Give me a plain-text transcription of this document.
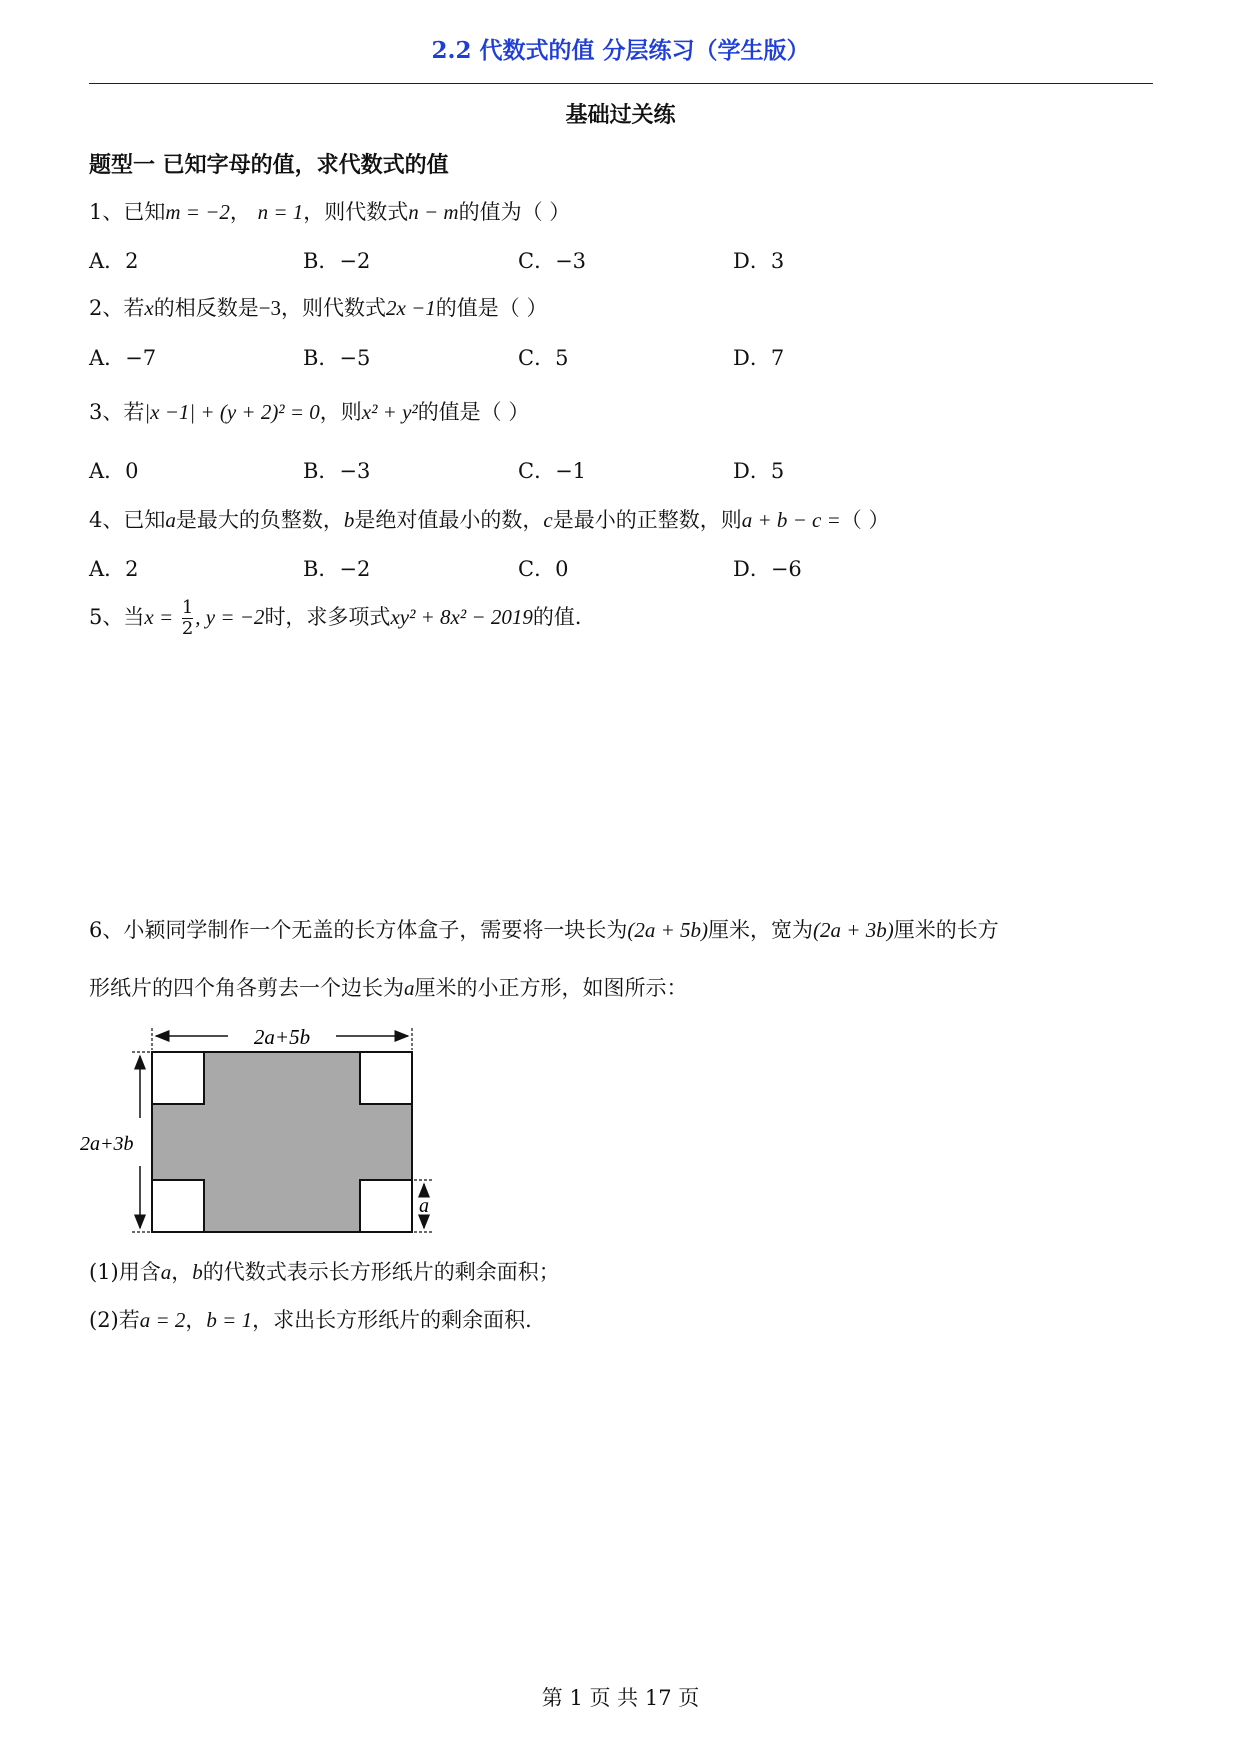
2.2 代数式的值 分层练习（学生版）
基础过关练
题型一 已知字母的值，求代数式的值
1、已知m = −2， n = 1，则代数式n − m的值为（ ）
A．2	B．−2	C．−3	D．3
2、若x的相反数是−3，则代数式2x −1的值是（ ）
A．−7	B．−5	C．5	D．7
3、若|x −1| + (y + 2)² = 0，则x² + y²的值是（ ）
A．0	B．−3	C．−1	D．5
4、已知a是最大的负整数，b是绝对值最小的数，c是最小的正整数，则a + b − c =（ ）
A．2	B．−2	C．0	D．−6
5、当$x = \frac{1}{2}$ , y = −2时，求多项式xy² + 8x² − 2019的值．
6、小颖同学制作一个无盖的长方体盒子，需要将一块长为(2a + 5b)厘米，宽为(2a + 3b)厘米的长方
形纸片的四个角各剪去一个边长为a厘米的小正方形，如图所示：
2a+5b
2a+3b
a
(1)用含a，b的代数式表示长方形纸片的剩余面积；
(2)若a = 2，b = 1，求出长方形纸片的剩余面积．
第 1 页 共 17 页
